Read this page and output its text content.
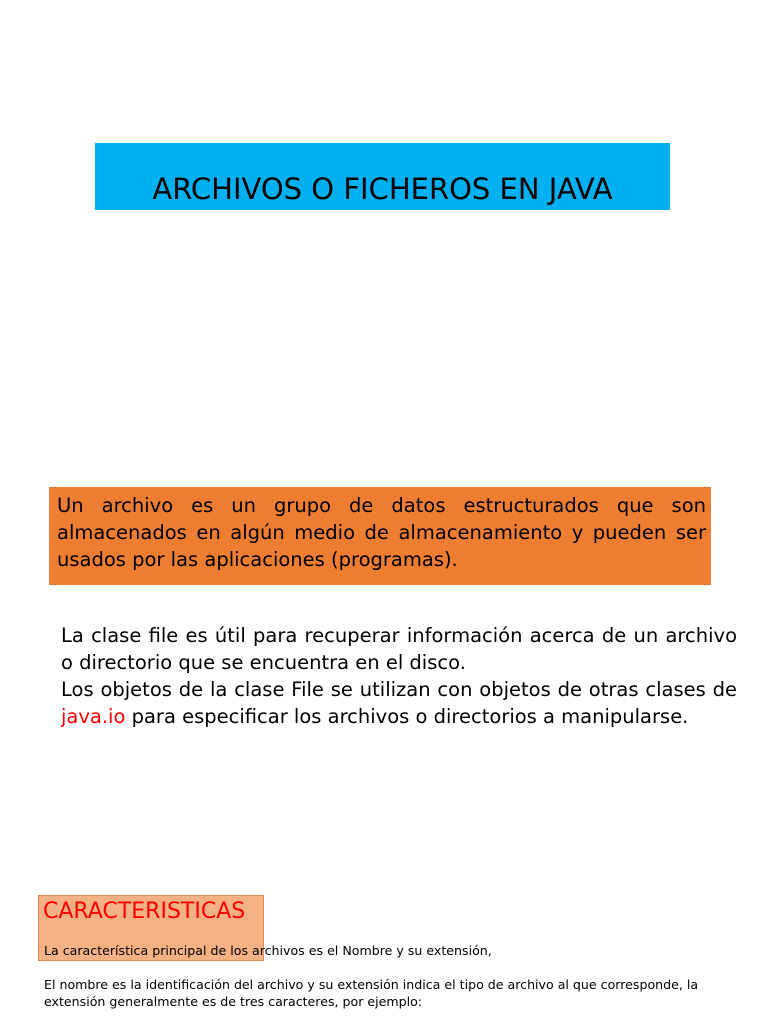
ARCHIVOS O FICHEROS EN JAVA
Un archivo es un grupo de datos estructurados que son almacenados en algún medio de almacenamiento y pueden ser usados por las aplicaciones (programas).

La clase file es útil para recuperar información acerca de un archivo o directorio que se encuentra en el disco.

Los objetos de la clase File se utilizan con objetos de otras clases de java.io para especificar los archivos o directorios a manipularse.

CARACTERISTICAS
La característica principal de los archivos es el Nombre y su extensión,
El nombre es la identificación del archivo y su extensión indica el tipo de archivo al que corresponde, la extensión generalmente es de tres caracteres, por ejemplo:
